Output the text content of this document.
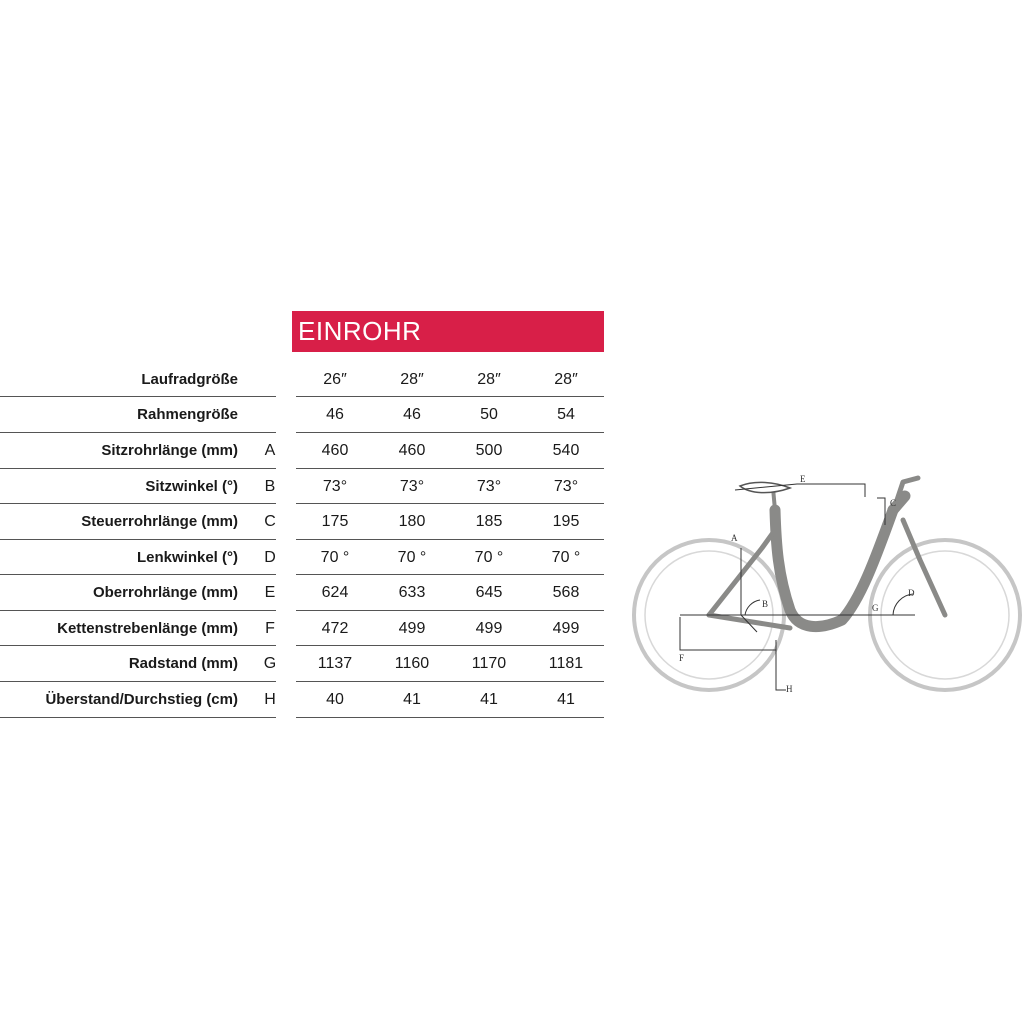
EINROHR
Laufradgröße	26″	28″	28″	28″
Rahmengröße	46	46	50	54
Sitzrohrlänge (mm) A	460	460	500	540
Sitzwinkel (°) B	73°	73°	73°	73°
Steuerrohrlänge (mm) C	175	180	185	195
Lenkwinkel (°) D	70 °	70 °	70 °	70 °
Oberrohrlänge (mm) E	624	633	645	568
Kettenstrebenlänge (mm)	F	472	499	499	499
Radstand (mm) G	1137	1160	1170	1181
Überstand/Durchstieg (cm) H	40	41	41	41
A
B
C
D
E
F
G
H
